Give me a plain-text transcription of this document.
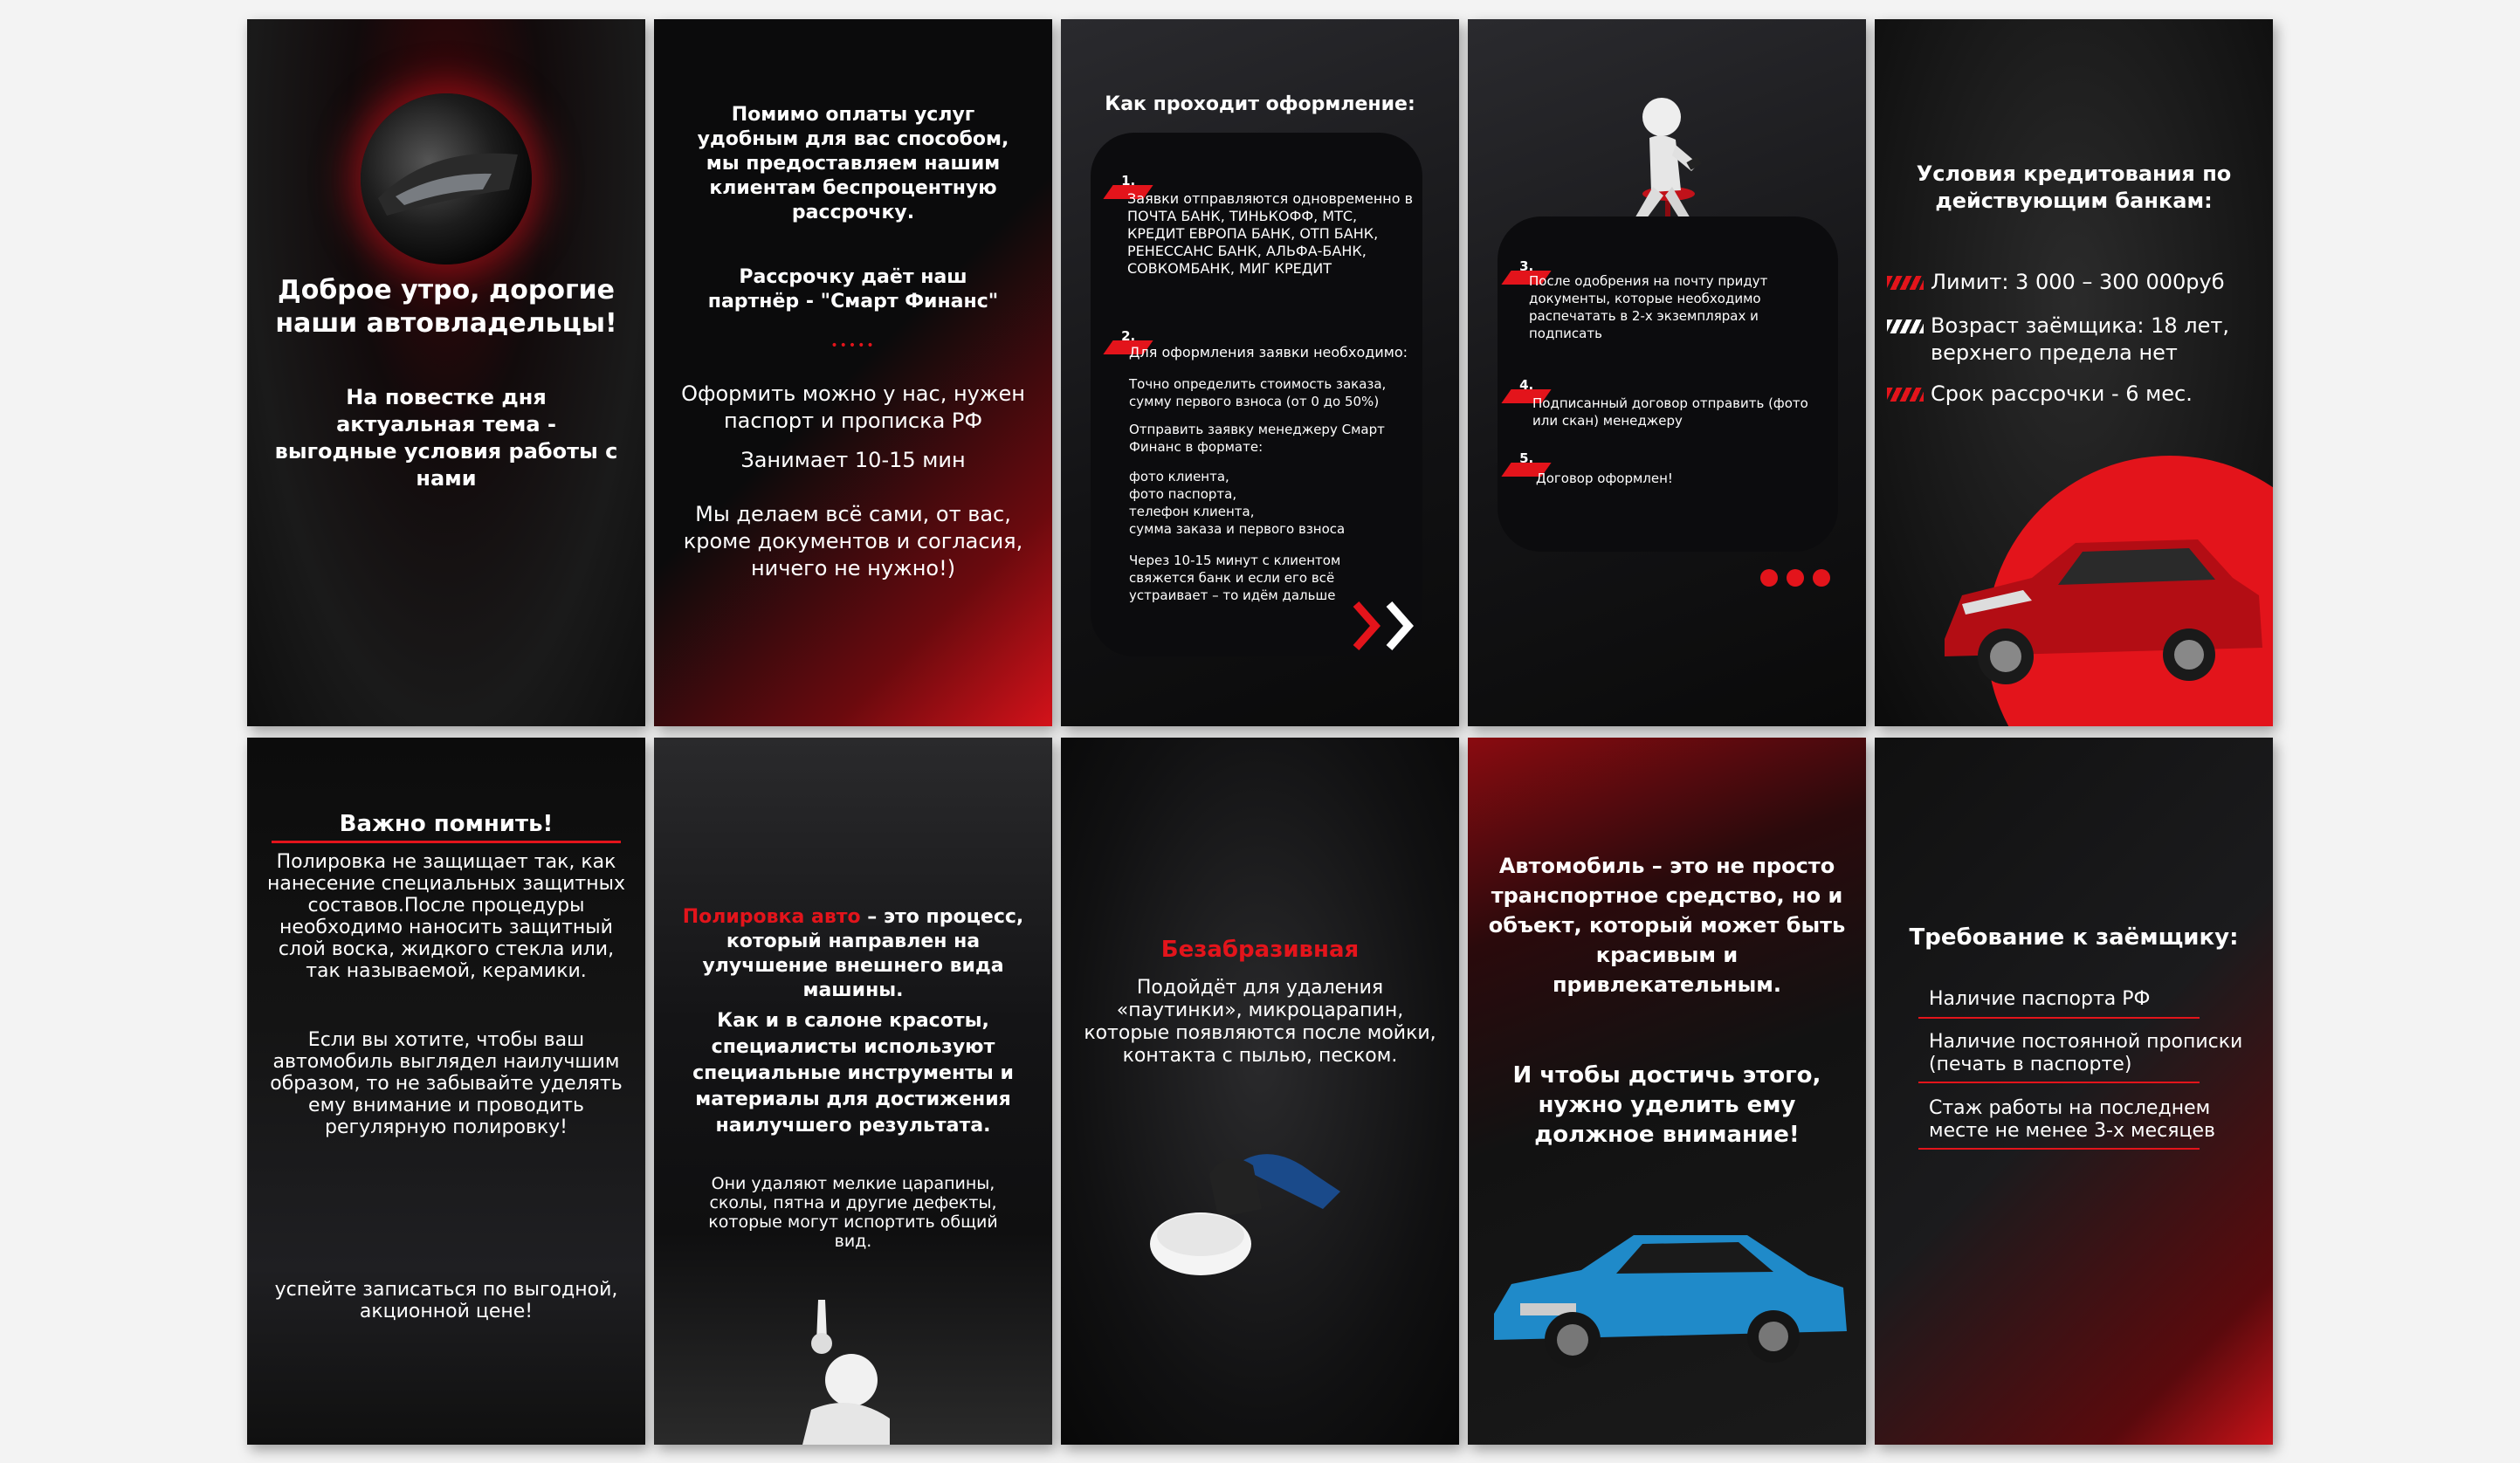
Доброе утро, дорогие наши автовладельцы!
На повестке дня актуальная тема - выгодные условия работы с нами
Помимо оплаты услуг удобным для вас способом, мы предоставляем нашим клиентам беспроцентную рассрочку.
Рассрочку даёт наш партнёр - "Смарт Финанс"
•••••
Оформить можно у нас, нужен паспорт и прописка РФ
Занимает 10-15 мин
Мы делаем всё сами, от вас, кроме документов и согласия, ничего не нужно!)
Как проходит оформление:
1.
Заявки отправляются одновременно в ПОЧТА БАНК, ТИНЬКОФФ, МТС, КРЕДИТ ЕВРОПА БАНК, ОТП БАНК, РЕНЕССАНС БАНК, АЛЬФА-БАНК, СОВКОМБАНК, МИГ КРЕДИТ
2.
Для оформления заявки необходимо:
Точно определить стоимость заказа, сумму первого взноса (от 0 до 50%)
Отправить заявку менеджеру Смарт Финанс в формате:
фото клиента,
фото паспорта,
телефон клиента,
сумма заказа и первого взноса
Через 10-15 минут с клиентом свяжется банк и если его всё устраивает – то идём дальше
3.
После одобрения на почту придут документы, которые необходимо распечатать в 2-х экземплярах и подписать
4.
Подписанный договор отправить (фото или скан) менеджеру
5.
Договор оформлен!
Условия кредитования по действующим банкам:
Лимит: 3 000 – 300 000руб
Возраст заёмщика: 18 лет, верхнего предела нет
Срок рассрочки - 6 мес.
Важно помнить!
Полировка не защищает так, как нанесение специальных защитных составов.После процедуры необходимо наносить защитный слой воска, жидкого стекла или, так называемой, керамики.
Если вы хотите, чтобы ваш автомобиль выглядел наилучшим образом, то не забывайте уделять ему внимание и проводить регулярную полировку!
успейте записаться по выгодной, акционной цене!
Полировка авто – это процесс, который направлен на улучшение внешнего вида машины.
Как и в салоне красоты, специалисты используют специальные инструменты и материалы для достижения наилучшего результата.
Они удаляют мелкие царапины, сколы, пятна и другие дефекты, которые могут испортить общий вид.
Безабразивная
Подойдёт для удаления «паутинки», микроцарапин, которые появляются после мойки, контакта с пылью, песком.
Автомобиль – это не просто транспортное средство, но и объект, который может быть красивым и привлекательным.
И чтобы достичь этого, нужно уделить ему должное внимание!
Требование к заёмщику:
Наличие паспорта РФ
Наличие постоянной прописки (печать в паспорте)
Стаж работы на последнем месте не менее 3-х месяцев
